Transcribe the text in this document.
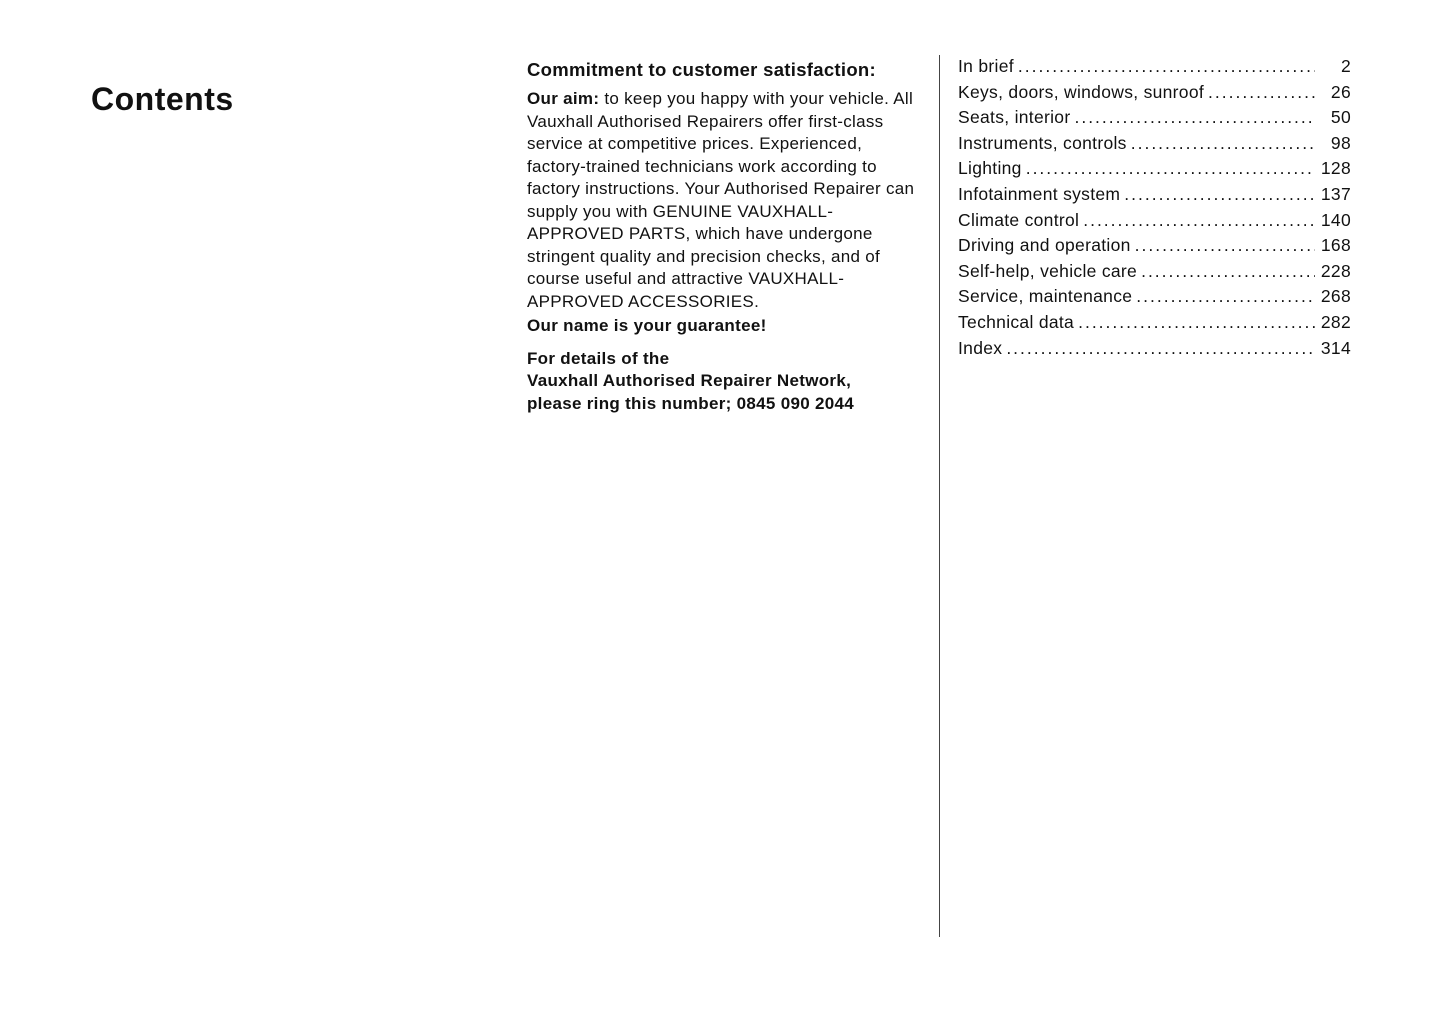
Contents

Commitment to customer satisfaction:

Our aim: to keep you happy with your vehicle. All Vauxhall Authorised Repairers offer first-class service at competitive prices. Experienced, factory-trained technicians work according to factory instructions. Your Authorised Repairer can supply you with GENUINE VAUXHALL-APPROVED PARTS, which have undergone stringent quality and precision checks, and of course useful and attractive VAUXHALL-APPROVED ACCESSORIES.

Our name is your guarantee!

For details of the

Vauxhall Authorised Repairer Network,

please ring this number; 0845 090 2044

In brief .....	2
Keys, doors, windows, sunroof .....	26
Seats, interior .....	50
Instruments, controls .....	98
Lighting .....	128
Infotainment system .....	137
Climate control .....	140
Driving and operation .....	168
Self-help, vehicle care .....	228
Service, maintenance .....	268
Technical data .....	282
Index .....	314
